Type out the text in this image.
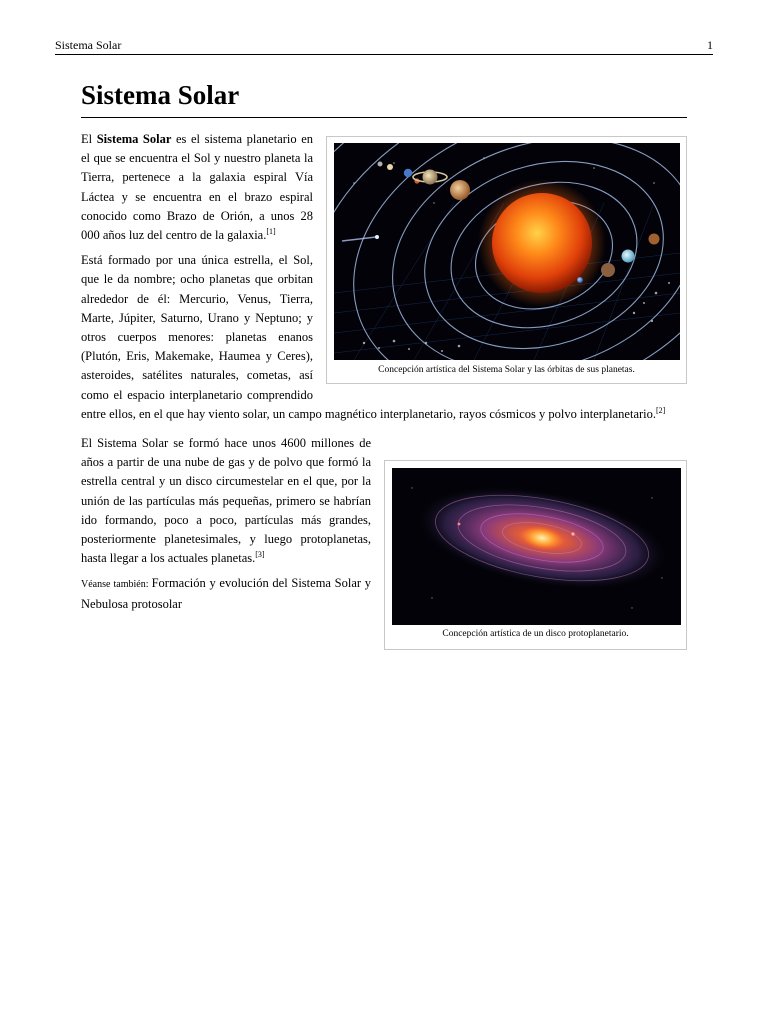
Sistema Solar	1
Concepción artística del Sistema Solar y las órbitas de sus planetas.
Concepción artística de un disco protoplanetario.
Sistema Solar

El Sistema Solar es el sistema planetario en el que se encuentra el Sol y nuestro planeta la Tierra, pertenece a la galaxia espiral Vía Láctea y se encuentra en el brazo espiral conocido como Brazo de Orión, a unos 28 000 años luz del centro de la galaxia.[1]

Está formado por una única estrella, el Sol, que le da nombre; ocho planetas que orbitan alrededor de él: Mercurio, Venus, Tierra, Marte, Júpiter, Saturno, Urano y Neptuno; y otros cuerpos menores: planetas enanos (Plutón, Eris, Makemake, Haumea y Ceres), asteroides, satélites naturales, cometas, así como el espacio interplanetario comprendido entre ellos, en el que hay viento solar, un campo magnético interplanetario, rayos cósmicos y polvo interplanetario.[2]

El Sistema Solar se formó hace unos 4600 millones de años a partir de una nube de gas y de polvo que formó la estrella central y un disco circumestelar en el que, por la unión de las partículas más pequeñas, primero se habrían ido formando, poco a poco, partículas más grandes, posteriormente planetesimales, y luego protoplanetas, hasta llegar a los actuales planetas.[3]

Véanse también: Formación y evolución del Sistema Solar y Nebulosa protosolar
